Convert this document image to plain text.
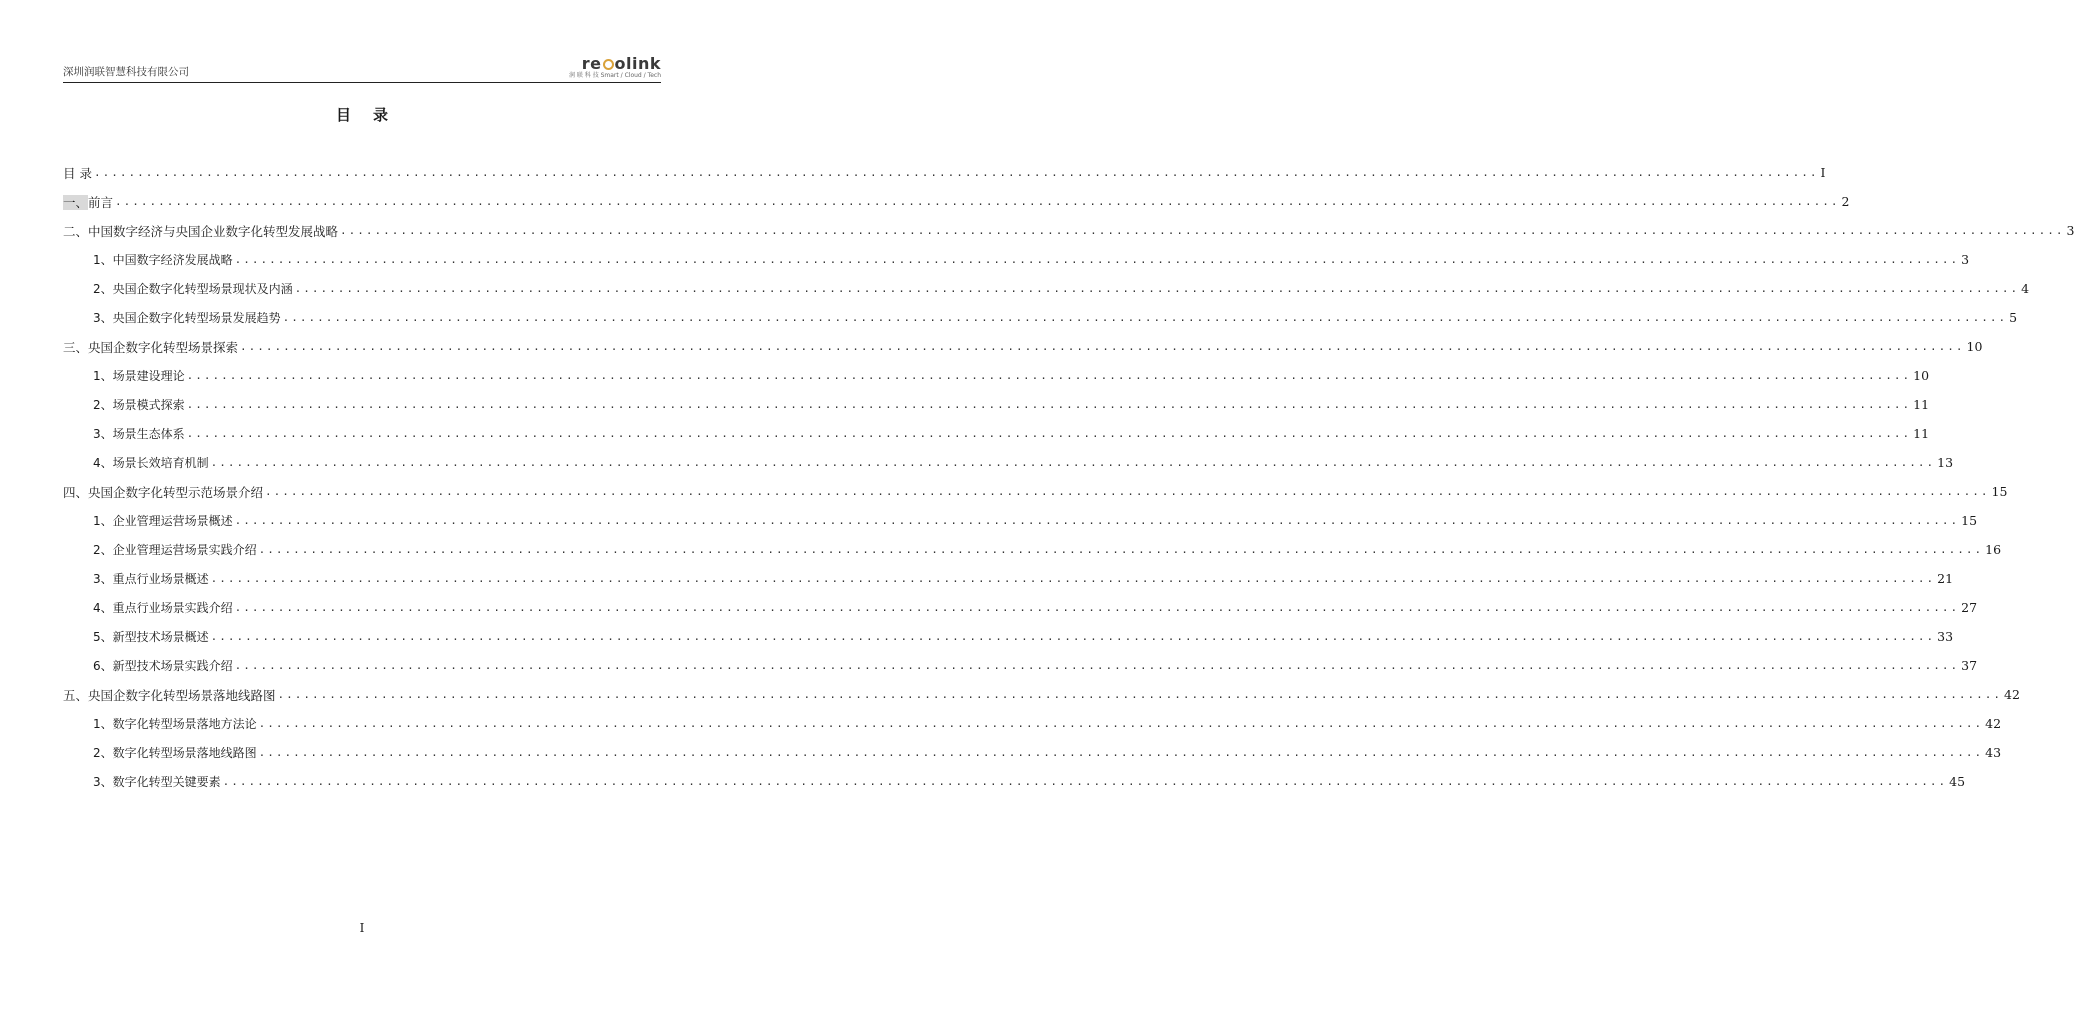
深圳润联智慧科技有限公司	re olink
润 联 科 技 Smart / Cloud / Tech
目录
目 录 ........................................................................................................................................................................................................ I
一、前言 ........................................................................................................................................................................................................ 2
二、中国数字经济与央国企业数字化转型发展战略 ........................................................................................................................................................................................................ 3
1、中国数字经济发展战略 ........................................................................................................................................................................................................ 3
2、央国企数字化转型场景现状及内涵 ........................................................................................................................................................................................................ 4
3、央国企数字化转型场景发展趋势 ........................................................................................................................................................................................................ 5
三、央国企数字化转型场景探索 ........................................................................................................................................................................................................ 10
1、场景建设理论 ........................................................................................................................................................................................................ 10
2、场景模式探索 ........................................................................................................................................................................................................ 11
3、场景生态体系 ........................................................................................................................................................................................................ 11
4、场景长效培育机制 ........................................................................................................................................................................................................ 13
四、央国企数字化转型示范场景介绍 ........................................................................................................................................................................................................ 15
1、企业管理运营场景概述 ........................................................................................................................................................................................................ 15
2、企业管理运营场景实践介绍 ........................................................................................................................................................................................................ 16
3、重点行业场景概述 ........................................................................................................................................................................................................ 21
4、重点行业场景实践介绍 ........................................................................................................................................................................................................ 27
5、新型技术场景概述 ........................................................................................................................................................................................................ 33
6、新型技术场景实践介绍 ........................................................................................................................................................................................................ 37
五、央国企数字化转型场景落地线路图 ........................................................................................................................................................................................................ 42
1、数字化转型场景落地方法论 ........................................................................................................................................................................................................ 42
2、数字化转型场景落地线路图 ........................................................................................................................................................................................................ 43
3、数字化转型关键要素 ........................................................................................................................................................................................................ 45
I
